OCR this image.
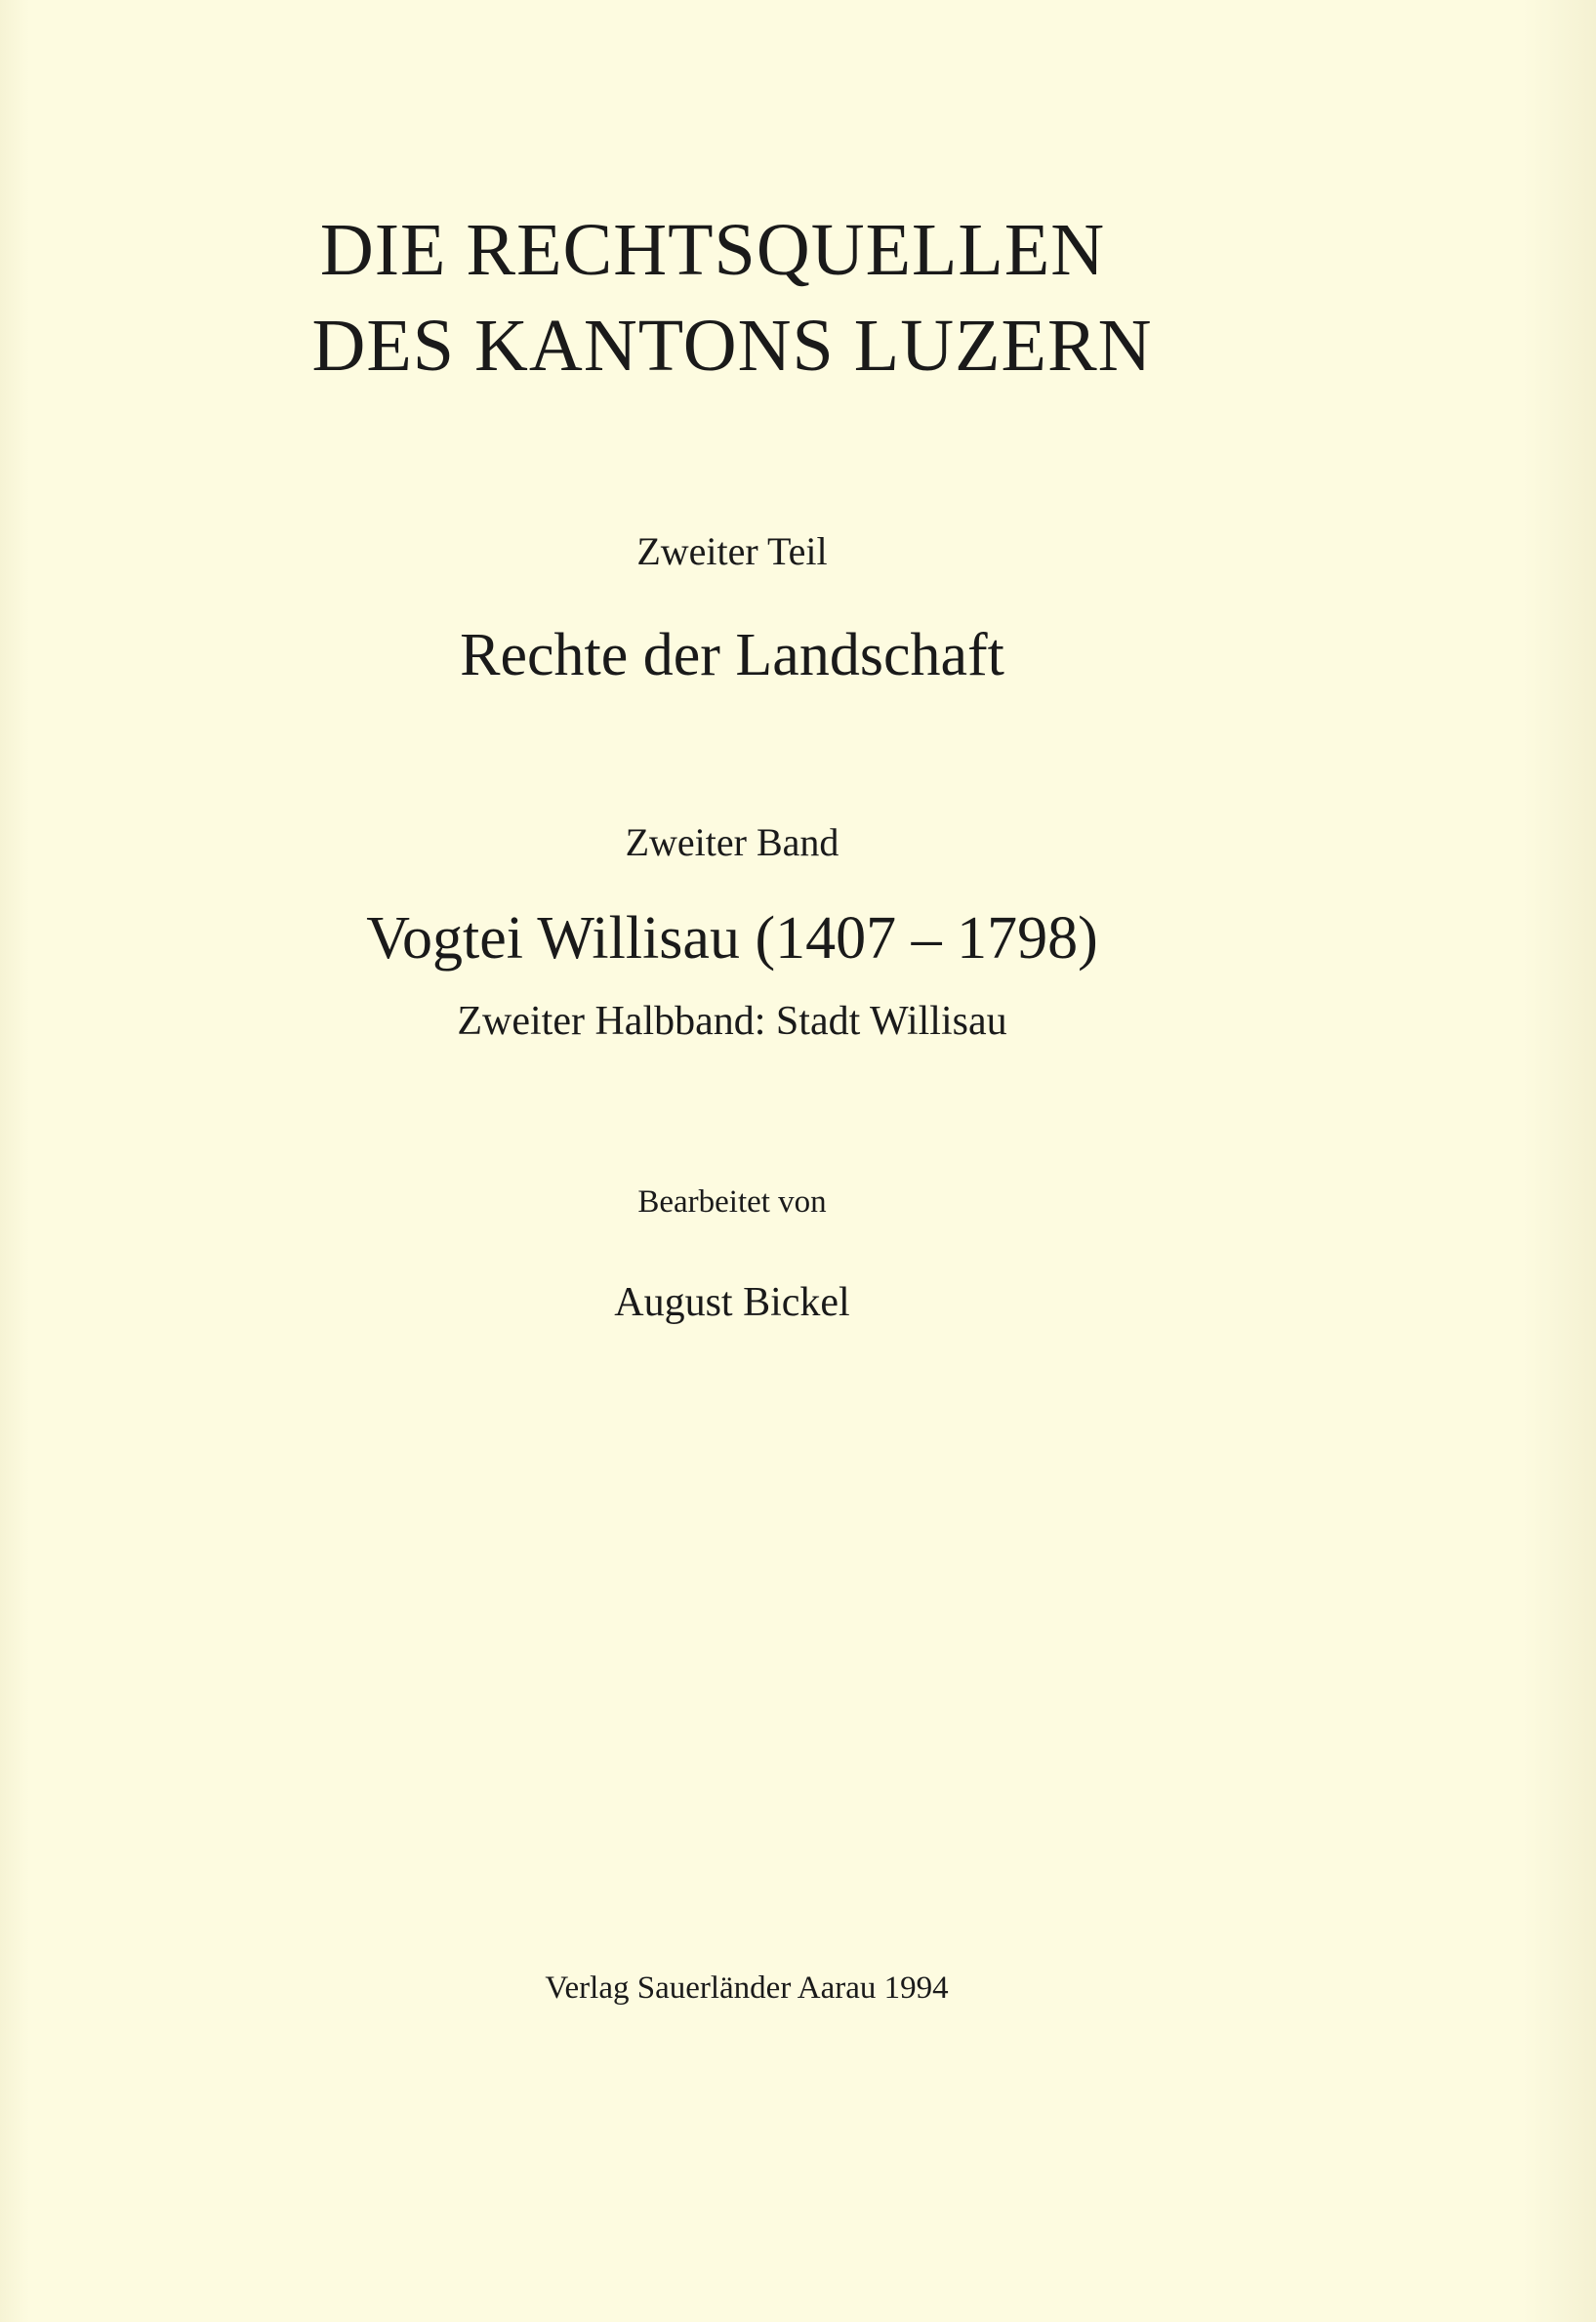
DIE RECHTSQUELLEN
DES KANTONS LUZERN
Zweiter Teil
Rechte der Landschaft
Zweiter Band
Vogtei Willisau (1407 – 1798)
Zweiter Halbband: Stadt Willisau
Bearbeitet von
August Bickel
Verlag Sauerländer Aarau 1994
